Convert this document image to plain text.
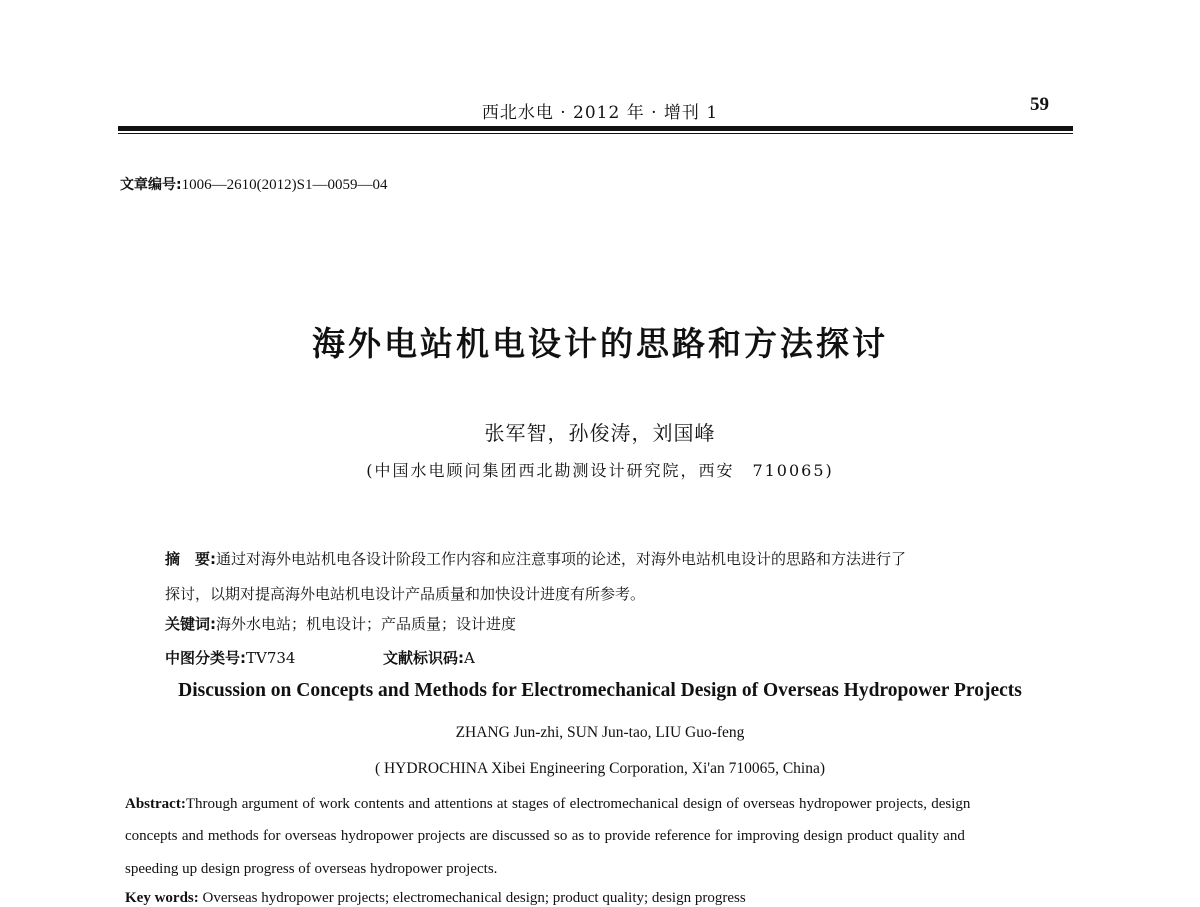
西北水电 · 2012 年 · 增刊 1	59
文章编号:1006—2610(2012)S1—0059—04
海外电站机电设计的思路和方法探讨
张军智，孙俊涛，刘国峰
(中国水电顾问集团西北勘测设计研究院，西安　710065)
摘　要:通过对海外电站机电各设计阶段工作内容和应注意事项的论述，对海外电站机电设计的思路和方法进行了
探讨，以期对提高海外电站机电设计产品质量和加快设计进度有所参考。
关键词:海外水电站；机电设计；产品质量；设计进度
中图分类号:TV734	文献标识码:A
Discussion on Concepts and Methods for Electromechanical Design of Overseas Hydropower Projects
ZHANG Jun-zhi, SUN Jun-tao, LIU Guo-feng
( HYDROCHINA Xibei Engineering Corporation, Xi'an 710065, China)
Abstract:Through argument of work contents and attentions at stages of electromechanical design of overseas hydropower projects, design
concepts and methods for overseas hydropower projects are discussed so as to provide reference for improving design product quality and
speeding up design progress of overseas hydropower projects.
Key words: Overseas hydropower projects; electromechanical design; product quality; design progress
